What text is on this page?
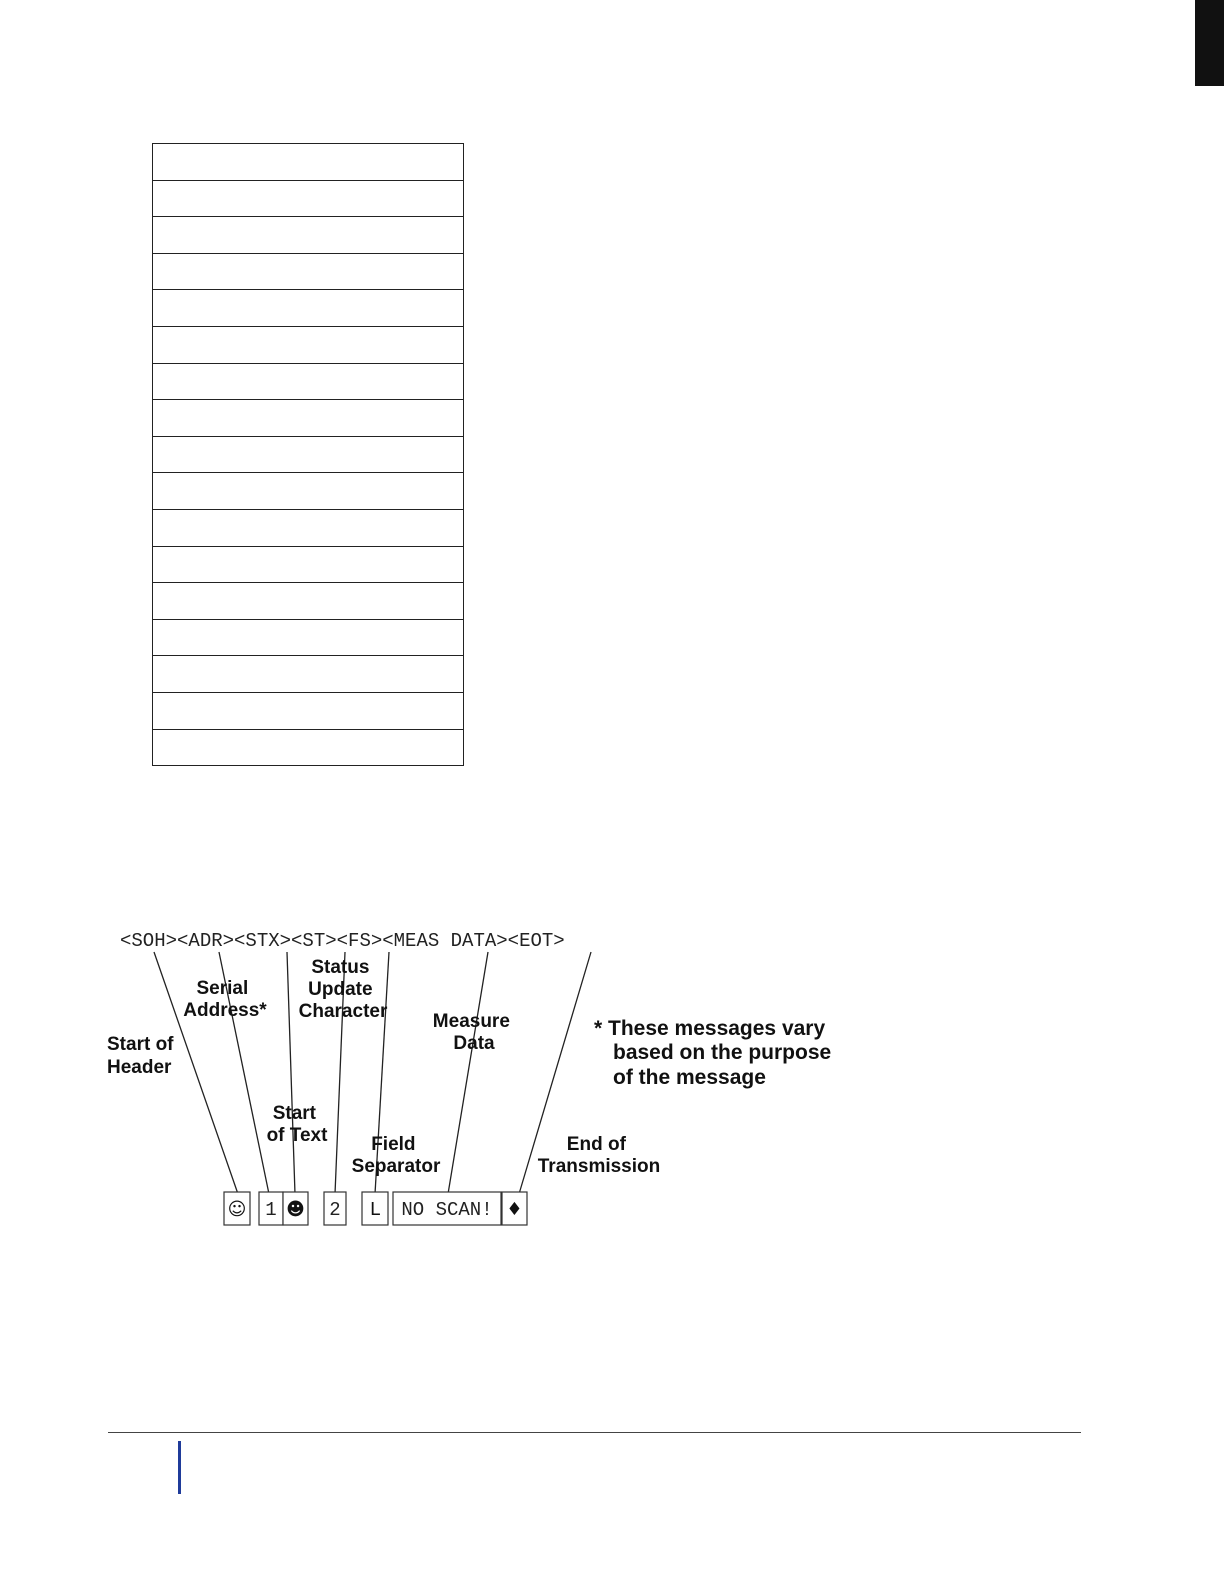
<SOH><ADR><STX><ST><FS><MEAS DATA><EOT>
Status Update Character
Serial Address*
Start of Header
Measure Data
Start of Text	Field Separator
End of Transmission
* These messages vary based on the purpose of the message
☺ 1 ☻ 2 L NO SCAN! ♦
